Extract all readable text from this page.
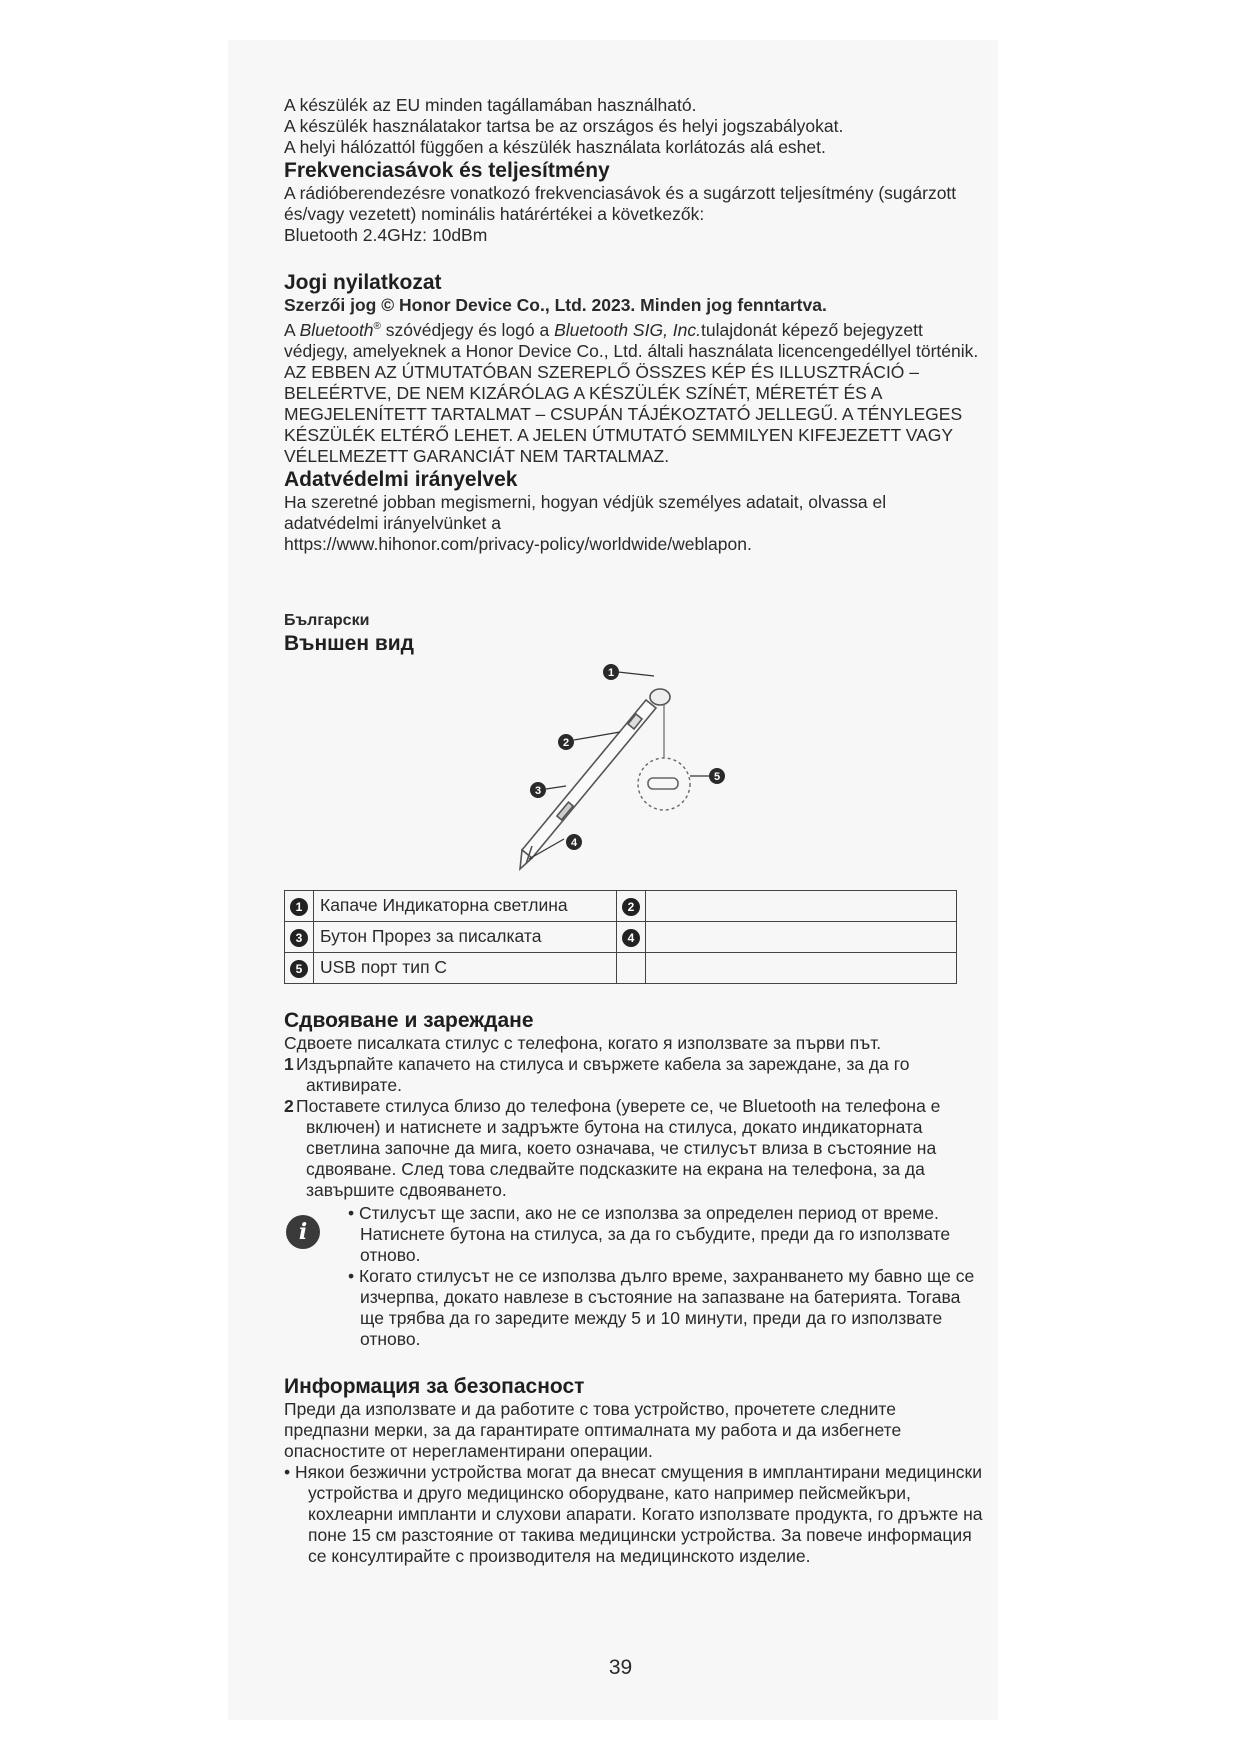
A készülék az EU minden tagállamában használható.

A készülék használatakor tartsa be az országos és helyi jogszabályokat.

A helyi hálózattól függően a készülék használata korlátozás alá eshet.

Frekvenciasávok és teljesítmény

A rádióberendezésre vonatkozó frekvenciasávok és a sugárzott teljesítmény (sugárzott és/vagy vezetett) nominális határértékei a következők:

Bluetooth 2.4GHz: 10dBm

Jogi nyilatkozat

Szerzői jog © Honor Device Co., Ltd. 2023. Minden jog fenntartva.

A Bluetooth® szóvédjegy és logó a Bluetooth SIG, Inc.tulajdonát képező bejegyzett védjegy, amelyeknek a Honor Device Co., Ltd. általi használata licencengedéllyel történik.

AZ EBBEN AZ ÚTMUTATÓBAN SZEREPLŐ ÖSSZES KÉP ÉS ILLUSZTRÁCIÓ – BELEÉRTVE, DE NEM KIZÁRÓLAG A KÉSZÜLÉK SZÍNÉT, MÉRETÉT ÉS A MEGJELENÍTETT TARTALMAT – CSUPÁN TÁJÉKOZTATÓ JELLEGŰ. A TÉNYLEGES KÉSZÜLÉK ELTÉRŐ LEHET. A JELEN ÚTMUTATÓ SEMMILYEN KIFEJEZETT VAGY VÉLELMEZETT GARANCIÁT NEM TARTALMAZ.

Adatvédelmi irányelvek

Ha szeretné jobban megismerni, hogyan védjük személyes adatait, olvassa el adatvédelmi irányelvünket a

https://www.hihonor.com/privacy-policy/worldwide/weblapon.

Български

Външен вид
1
2
3
4
5
1	Капаче Индикаторна светлина	2	
3	Бутон Прорез за писалката	4	
5	USB порт тип C		
Сдвояване и зареждане

Сдвоете писалката стилус с телефона, когато я използвате за първи път.

1 Издърпайте капачето на стилуса и свържете кабела за зареждане, за да го активирате.

2 Поставете стилуса близо до телефона (уверете се, че Bluetooth на телефона е включен) и натиснете и задръжте бутона на стилуса, докато индикаторната светлина започне да мига, което означава, че стилусът влиза в състояние на сдвояване. След това следвайте подсказките на екрана на телефона, за да завършите сдвояването.

i

• Стилусът ще заспи, ако не се използва за определен период от време. Натиснете бутона на стилуса, за да го събудите, преди да го използвате отново.

• Когато стилусът не се използва дълго време, захранването му бавно ще се изчерпва, докато навлезе в състояние на запазване на батерията. Тогава ще трябва да го заредите между 5 и 10 минути, преди да го използвате отново.

Информация за безопасност

Преди да използвате и да работите с това устройство, прочетете следните предпазни мерки, за да гарантирате оптималната му работа и да избегнете опасностите от нерегламентирани операции.

• Някои безжични устройства могат да внесат смущения в имплантирани медицински устройства и друго медицинско оборудване, като например пейсмейкъри, кохлеарни импланти и слухови апарати. Когато използвате продукта, го дръжте на поне 15 см разстояние от такива медицински устройства. За повече информация се консултирайте с производителя на медицинското изделие.

39
